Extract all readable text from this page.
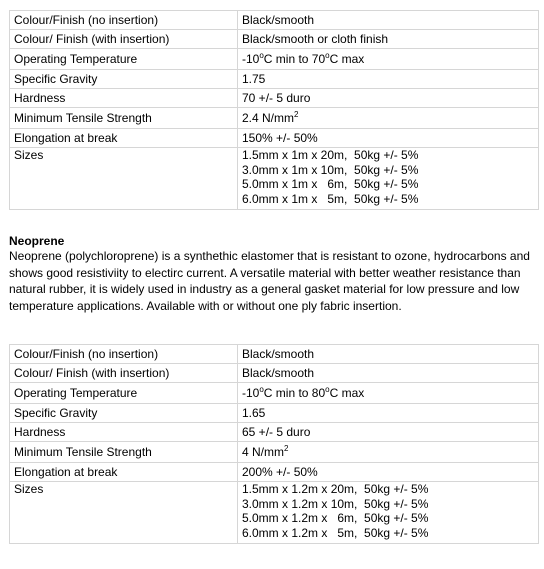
Colour/Finish (no insertion)	Black/smooth
Colour/ Finish (with insertion)	Black/smooth or cloth finish
Operating Temperature	-10$^o$C min to 70$^o$C max
Specific Gravity	1.75
Hardness	70 +/- 5 duro
Minimum Tensile Strength	2.4 $N/mm^2$
Elongation at break	150% +/- 50%
Sizes	1.5mm x 1m x 20m,  50kg +/- 5%
3.0mm x 1m x 10m,  50kg +/- 5%
5.0mm x 1m x   6m,  50kg +/- 5%
6.0mm x 1m x   5m,  50kg +/- 5%
Neoprene

Neoprene (polychloroprene) is a synthethic elastomer that is resistant to ozone, hydrocarbons and shows good resistiviity to electirc current. A versatile material with better weather resistance than natural rubber, it is widely used in industry as a general gasket material for low pressure and low temperature applications. Available with or without one ply fabric insertion.

Colour/Finish (no insertion)	Black/smooth
Colour/ Finish (with insertion)	Black/smooth
Operating Temperature	-10$^o$C min to 80$^o$C max
Specific Gravity	1.65
Hardness	65 +/- 5 duro
Minimum Tensile Strength	4 $N/mm^2$
Elongation at break	200% +/- 50%
Sizes	1.5mm x 1.2m x 20m,  50kg +/- 5%
3.0mm x 1.2m x 10m,  50kg +/- 5%
5.0mm x 1.2m x   6m,  50kg +/- 5%
6.0mm x 1.2m x   5m,  50kg +/- 5%
